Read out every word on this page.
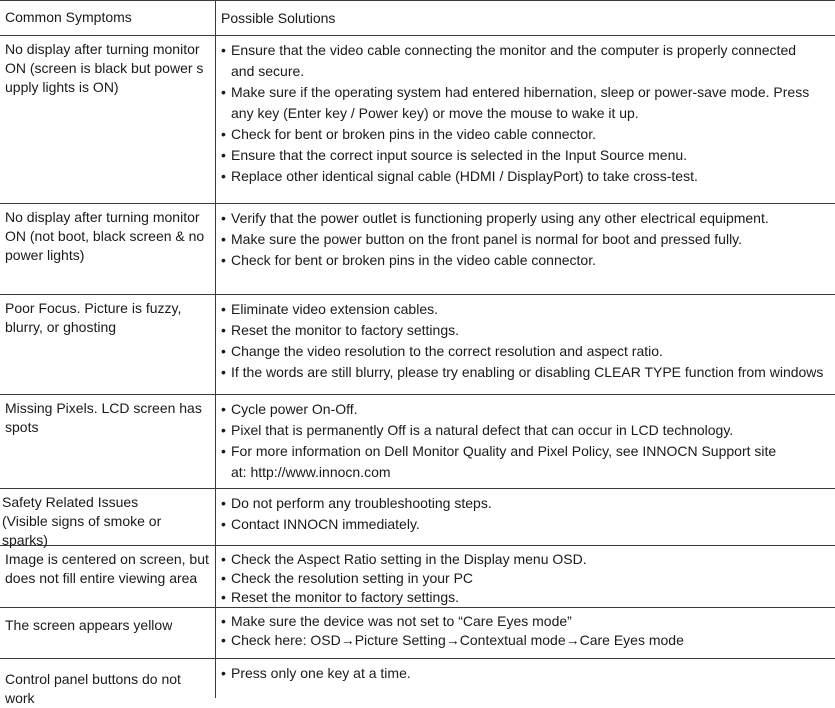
Common Symptoms	Possible Solutions
No display after turning monitor
ON (screen is black but power s
upply lights is ON)
• Ensure that the video cable connecting the monitor and the computer is properly connected
and secure.
• Make sure if the operating system had entered hibernation, sleep or power-save mode. Press
any key (Enter key / Power key) or move the mouse to wake it up.
• Check for bent or broken pins in the video cable connector.
• Ensure that the correct input source is selected in the Input Source menu.
• Replace other identical signal cable (HDMI / DisplayPort) to take cross-test.
No display after turning monitor
ON (not boot, black screen & no
power lights)
• Verify that the power outlet is functioning properly using any other electrical equipment.
• Make sure the power button on the front panel is normal for boot and pressed fully.
• Check for bent or broken pins in the video cable connector.
Poor Focus. Picture is fuzzy,
blurry, or ghosting
• Eliminate video extension cables.
• Reset the monitor to factory settings.
• Change the video resolution to the correct resolution and aspect ratio.
• If the words are still blurry, please try enabling or disabling CLEAR TYPE function from windows
Missing Pixels. LCD screen has
spots
• Cycle power On-Off.
• Pixel that is permanently Off is a natural defect that can occur in LCD technology.
• For more information on Dell Monitor Quality and Pixel Policy, see INNOCN Support site
at: http://www.innocn.com
Safety Related Issues
(Visible signs of smoke or sparks)
• Do not perform any troubleshooting steps.
• Contact INNOCN immediately.
Image is centered on screen, but
does not fill entire viewing area
• Check the Aspect Ratio setting in the Display menu OSD.
• Check the resolution setting in your PC
• Reset the monitor to factory settings.
The screen appears yellow	• Make sure the device was not set to “Care Eyes mode”
• Check here: OSD→Picture Setting→Contextual mode→Care Eyes mode
Control panel buttons do not work
• Press only one key at a time.
